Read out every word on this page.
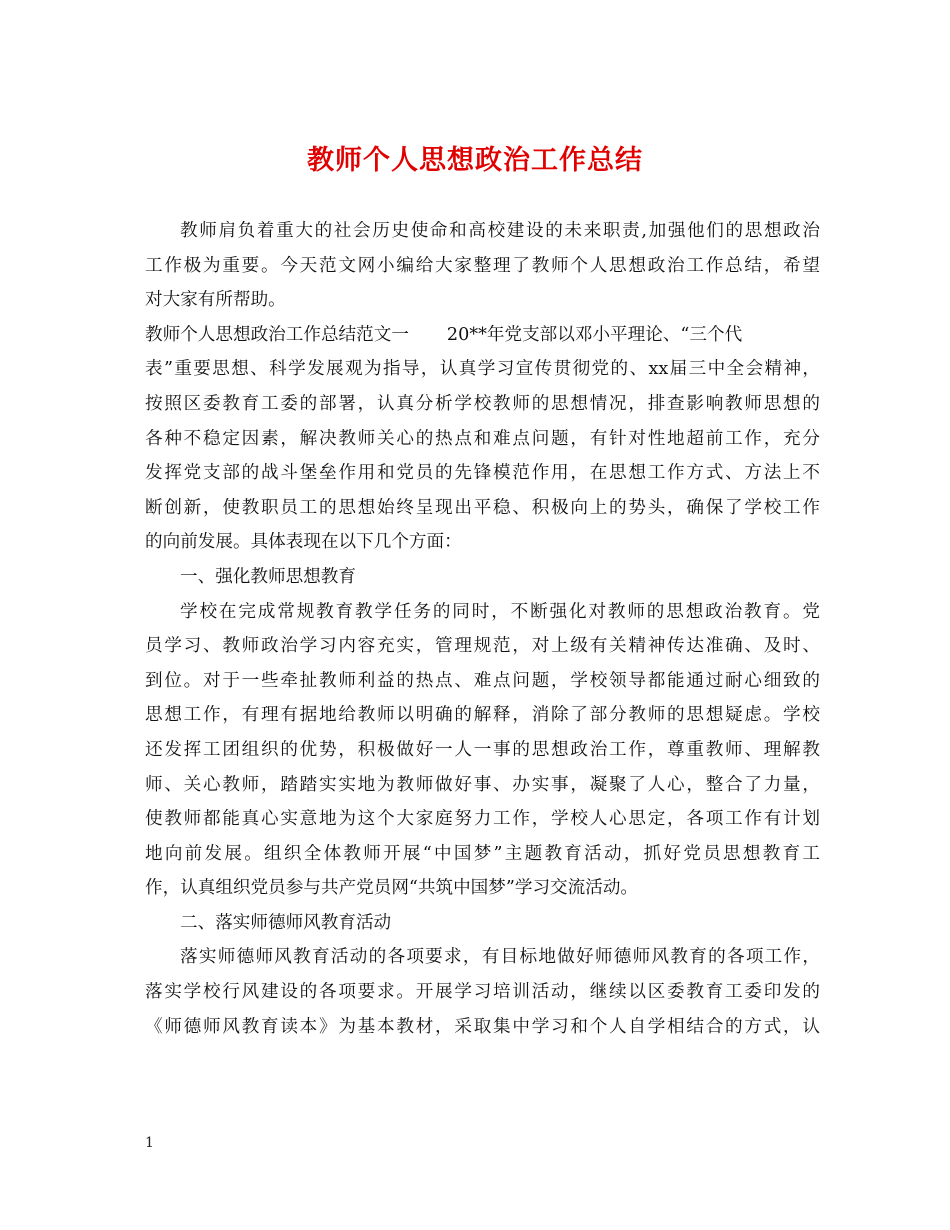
教师个人思想政治工作总结
教师肩负着重大的社会历史使命和高校建设的未来职责,加强他们的思想政治
工作极为重要。今天范文网小编给大家整理了教师个人思想政治工作总结，希望
对大家有所帮助。
教师个人思想政治工作总结范文一 20**年党支部以邓小平理论、“三个代
表”重要思想、科学发展观为指导，认真学习宣传贯彻党的、xx届三中全会精神，
按照区委教育工委的部署，认真分析学校教师的思想情况，排查影响教师思想的
各种不稳定因素，解决教师关心的热点和难点问题，有针对性地超前工作，充分
发挥党支部的战斗堡垒作用和党员的先锋模范作用，在思想工作方式、方法上不
断创新，使教职员工的思想始终呈现出平稳、积极向上的势头，确保了学校工作
的向前发展。具体表现在以下几个方面：
一、强化教师思想教育
学校在完成常规教育教学任务的同时，不断强化对教师的思想政治教育。党
员学习、教师政治学习内容充实，管理规范，对上级有关精神传达准确、及时、
到位。对于一些牵扯教师利益的热点、难点问题，学校领导都能通过耐心细致的
思想工作，有理有据地给教师以明确的解释，消除了部分教师的思想疑虑。学校
还发挥工团组织的优势，积极做好一人一事的思想政治工作，尊重教师、理解教
师、关心教师，踏踏实实地为教师做好事、办实事，凝聚了人心，整合了力量，
使教师都能真心实意地为这个大家庭努力工作，学校人心思定，各项工作有计划
地向前发展。组织全体教师开展“中国梦”主题教育活动，抓好党员思想教育工
作，认真组织党员参与共产党员网“共筑中国梦”学习交流活动。
二、落实师德师风教育活动
落实师德师风教育活动的各项要求，有目标地做好师德师风教育的各项工作，
落实学校行风建设的各项要求。开展学习培训活动，继续以区委教育工委印发的
《师德师风教育读本》为基本教材，采取集中学习和个人自学相结合的方式，认
1
